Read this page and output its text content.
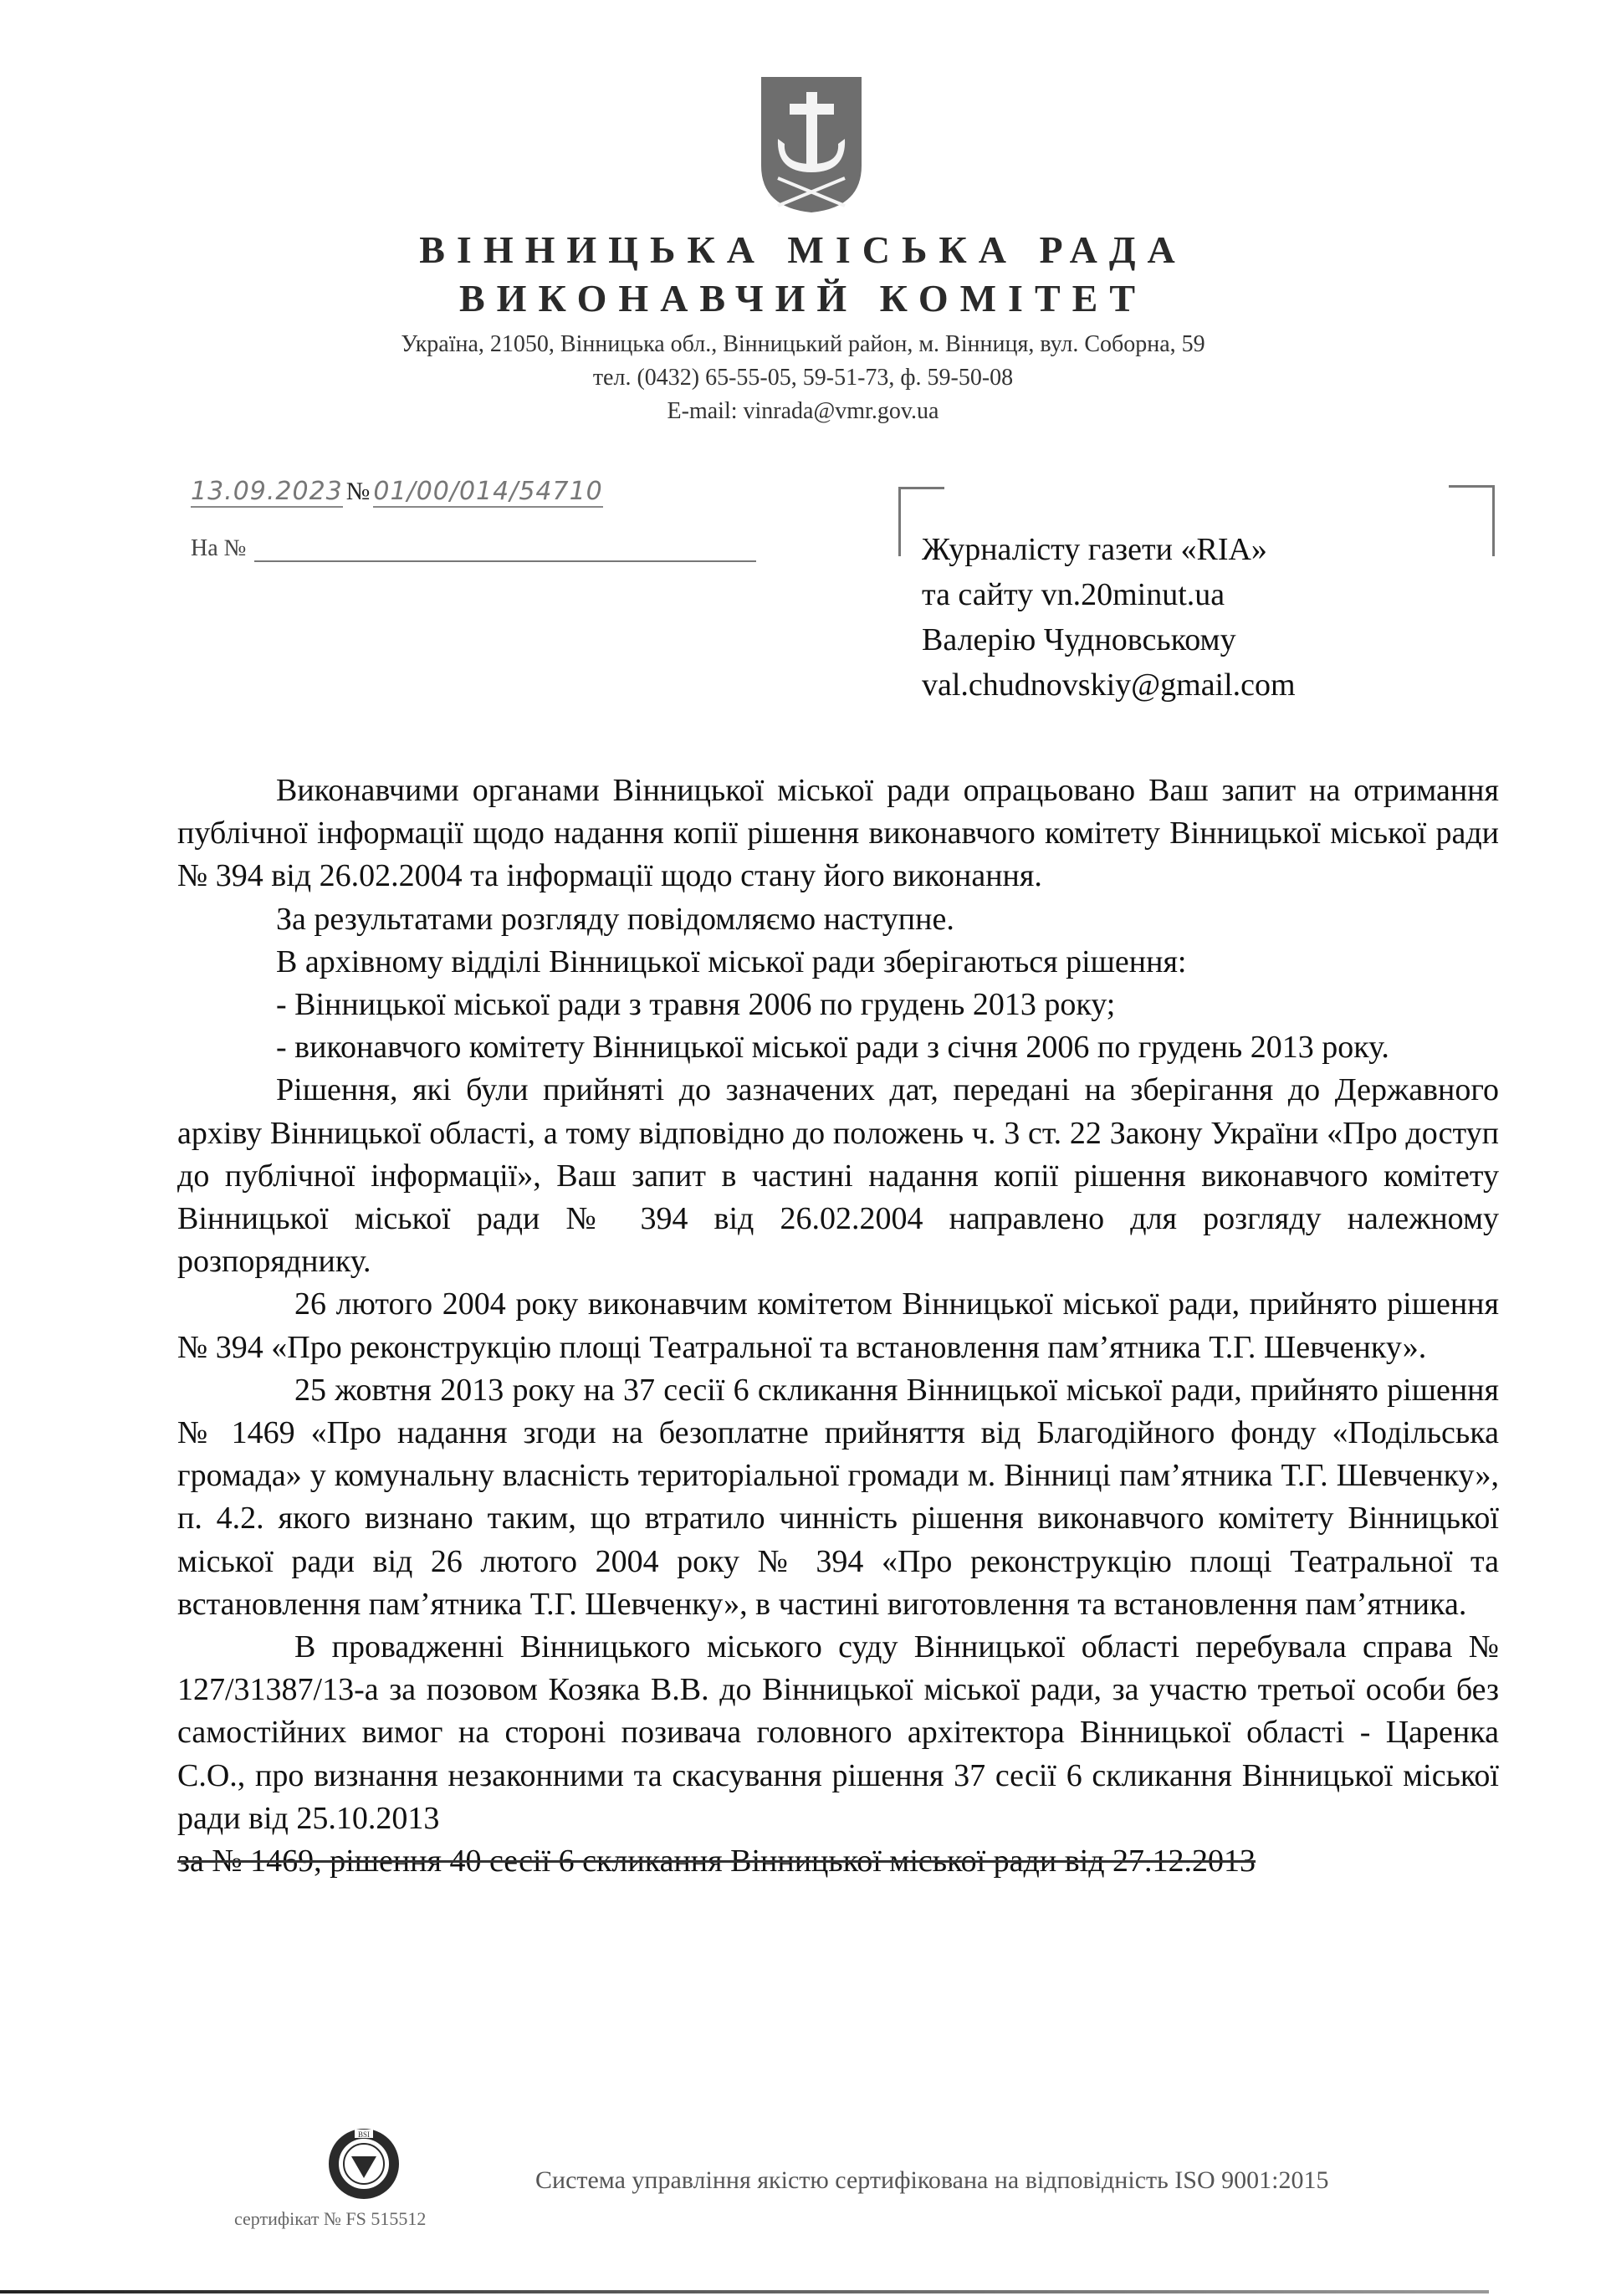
ВІННИЦЬКА МІСЬКА РАДА
ВИКОНАВЧИЙ КОМІТЕТ
Україна, 21050, Вінницька обл., Вінницький район, м. Вінниця, вул. Соборна, 59
тел. (0432) 65-55-05, 59-51-73, ф. 59-50-08
E-mail: vinrada@vmr.gov.ua
13.09.2023 № 01/00/014/54710
На №	Журналісту газети «RIA»
та сайту vn.20minut.ua
Валерію Чудновському
val.chudnovskiy@gmail.com

Виконавчими органами Вінницької міської ради опрацьовано Ваш запит на отримання публічної інформації щодо надання копії рішення виконавчого комітету Вінницької міської ради № 394 від 26.02.2004 та інформації щодо стану його виконання.

За результатами розгляду повідомляємо наступне.

В архівному відділі Вінницької міської ради зберігаються рішення:

- Вінницької міської ради з травня 2006 по грудень 2013 року;

- виконавчого комітету Вінницької міської ради з січня 2006 по грудень 2013 року.

Рішення, які були прийняті до зазначених дат, передані на зберігання до Державного архіву Вінницької області, а тому відповідно до положень ч. 3 ст. 22 Закону України «Про доступ до публічної інформації», Ваш запит в частині надання копії рішення виконавчого комітету Вінницької міської ради № 394 від 26.02.2004 направлено для розгляду належному розпоряднику.

26 лютого 2004 року виконавчим комітетом Вінницької міської ради, прийнято рішення № 394 «Про реконструкцію площі Театральної та встановлення пам’ятника Т.Г. Шевченку».

25 жовтня 2013 року на 37 сесії 6 скликання Вінницької міської ради, прийнято рішення № 1469 «Про надання згоди на безоплатне прийняття від Благодійного фонду «Подільська громада» у комунальну власність територіальної громади м. Вінниці пам’ятника Т.Г. Шевченку», п. 4.2. якого визнано таким, що втратило чинність рішення виконавчого комітету Вінницької міської ради від 26 лютого 2004 року № 394 «Про реконструкцію площі Театральної та встановлення пам’ятника Т.Г. Шевченку», в частині виготовлення та встановлення пам’ятника.

В провадженні Вінницького міського суду Вінницької області перебувала справа № 127/31387/13-а за позовом Козяка В.В. до Вінницької міської ради, за участю третьої особи без самостійних вимог на стороні позивача головного архітектора Вінницької області - Царенка С.О., про визнання незаконними та скасування рішення 37 сесії 6 скликання Вінницької міської ради від 25.10.2013

за № 1469, рішення 40 сесії 6 скликання Вінницької міської ради від 27.12.2013

BSI
Система управління якістю сертифікована на відповідність ISO 9001:2015
сертифікат № FS 515512
